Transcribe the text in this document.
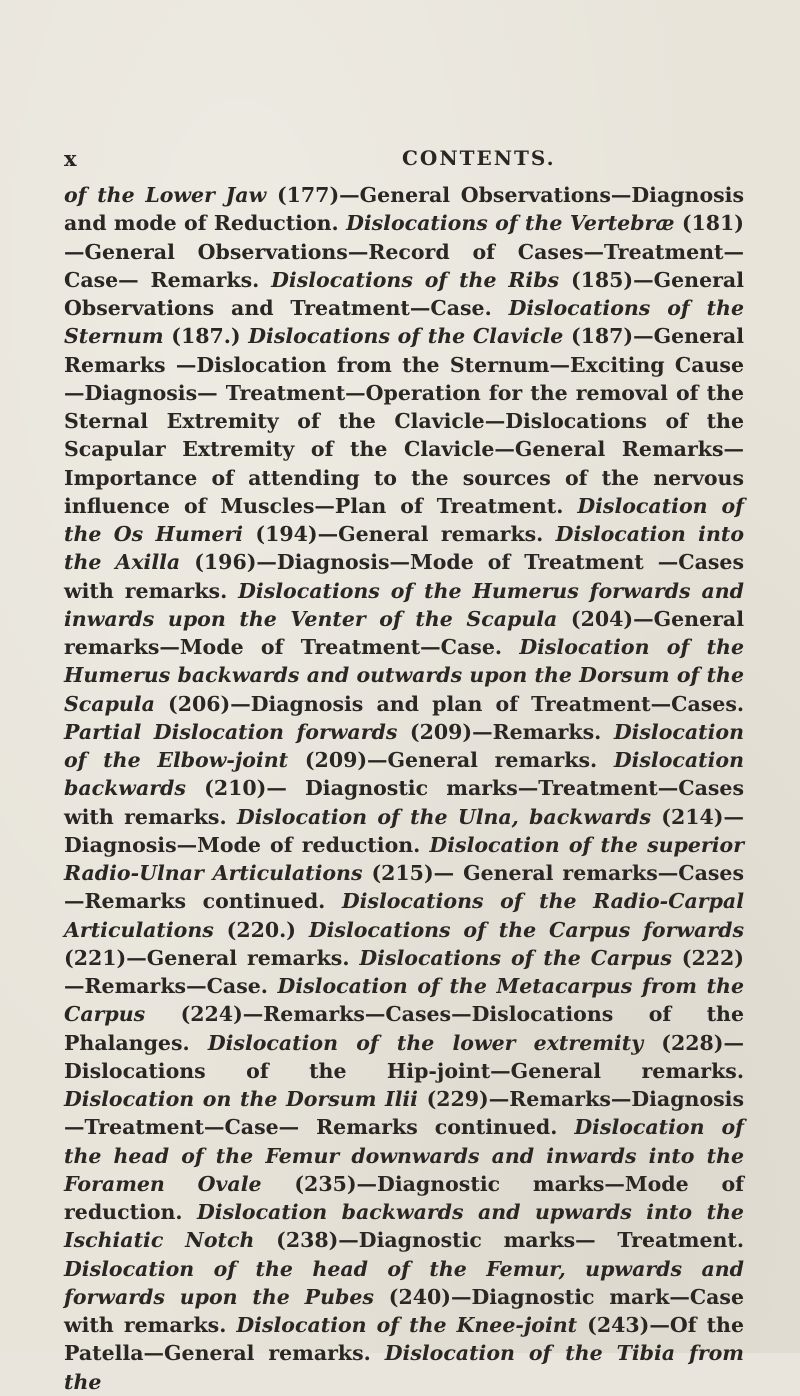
x	CONTENTS.

of the Lower Jaw (177)—General Observations—Diagnosis and mode of Reduction. Dislocations of the Vertebræ (181) —General Observations—Record of Cases—Treatment—Case— Remarks. Dislocations of the Ribs (185)—General Observations and Treatment—Case. Dislocations of the Sternum (187.) Dislocations of the Clavicle (187)—General Remarks —Dislocation from the Sternum—Exciting Cause—Diagnosis— Treatment—Operation for the removal of the Sternal Extremity of the Clavicle—Dislocations of the Scapular Extremity of the Clavicle—General Remarks—Importance of attending to the sources of the nervous influence of Muscles—Plan of Treatment. Dislocation of the Os Humeri (194)—General remarks. Dislocation into the Axilla (196)—Diagnosis—Mode of Treatment —Cases with remarks. Dislocations of the Humerus forwards and inwards upon the Venter of the Scapula (204)—General remarks—Mode of Treatment—Case. Dislocation of the Humerus backwards and outwards upon the Dorsum of the Scapula (206)—Diagnosis and plan of Treatment—Cases. Partial Dislocation forwards (209)—Remarks. Dislocation of the Elbow-joint (209)—General remarks. Dislocation backwards (210)— Diagnostic marks—Treatment—Cases with remarks. Dislocation of the Ulna, backwards (214)—Diagnosis—Mode of reduction. Dislocation of the superior Radio-Ulnar Articulations (215)— General remarks—Cases—Remarks continued. Dislocations of the Radio-Carpal Articulations (220.) Dislocations of the Carpus forwards (221)—General remarks. Dislocations of the Carpus (222)—Remarks—Case. Dislocation of the Metacarpus from the Carpus (224)—Remarks—Cases—Dislocations of the Phalanges. Dislocation of the lower extremity (228)—Dislocations of the Hip-joint—General remarks. Dislocation on the Dorsum Ilii (229)—Remarks—Diagnosis—Treatment—Case— Remarks continued. Dislocation of the head of the Femur downwards and inwards into the Foramen Ovale (235)—Diagnostic marks—Mode of reduction. Dislocation backwards and upwards into the Ischiatic Notch (238)—Diagnostic marks— Treatment. Dislocation of the head of the Femur, upwards and forwards upon the Pubes (240)—Diagnostic mark—Case with remarks. Dislocation of the Knee-joint (243)—Of the Patella—General remarks. Dislocation of the Tibia from the
